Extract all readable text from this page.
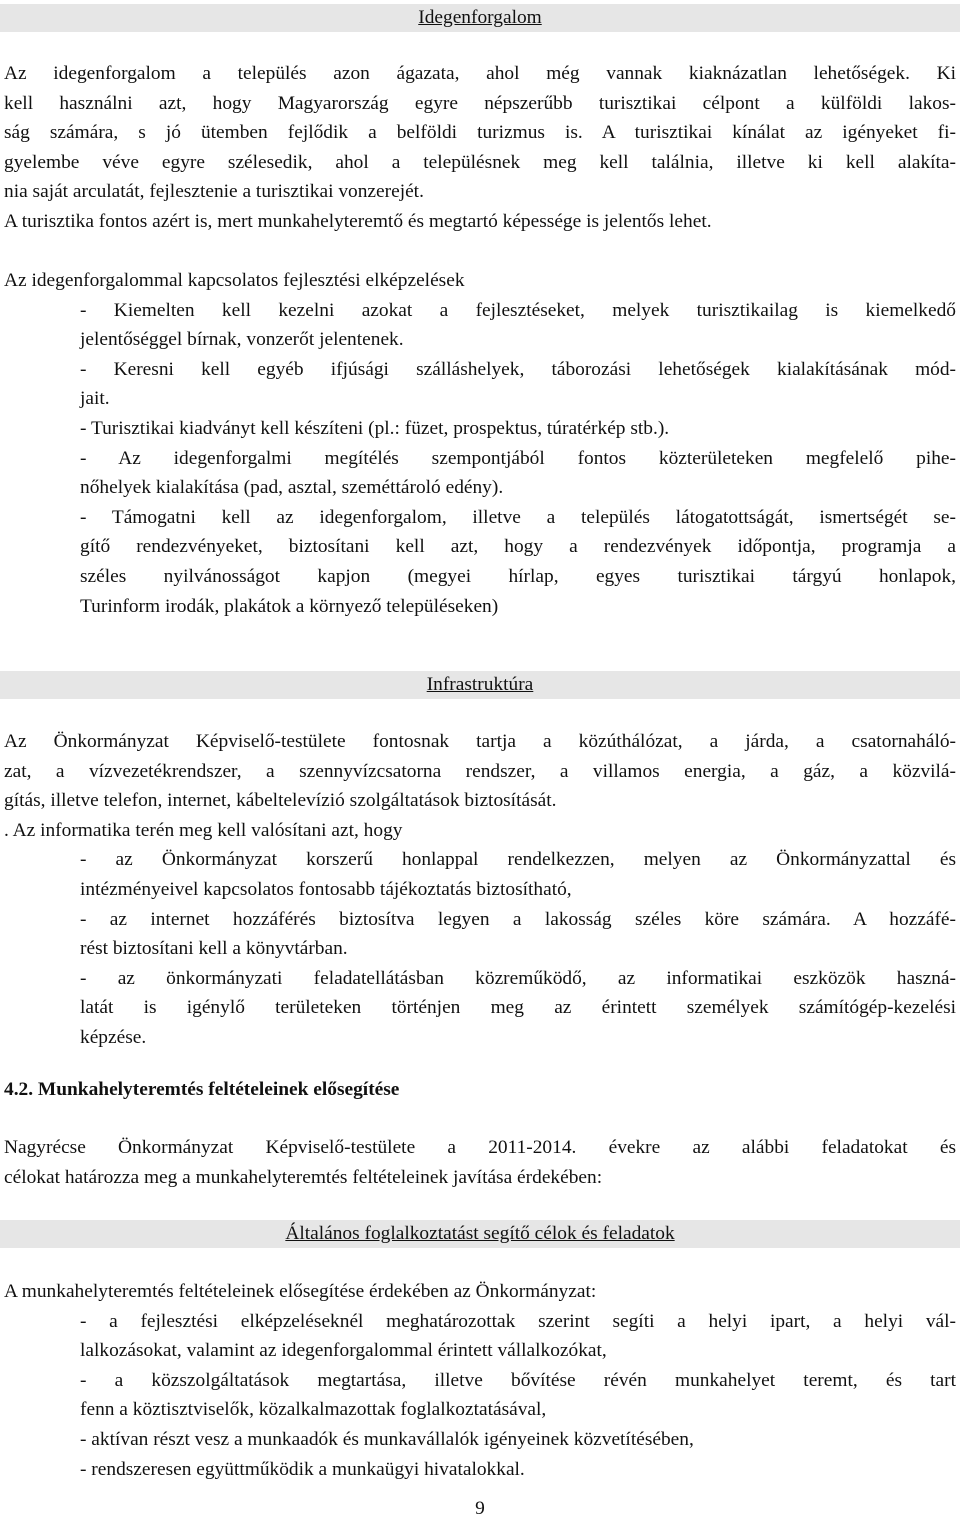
Idegenforgalom

Az idegenforgalom a település azon ágazata, ahol még vannak kiaknázatlan lehetőségek. Ki

kell használni azt, hogy Magyarország egyre népszerűbb turisztikai célpont a külföldi lakos-

ság számára, s jó ütemben fejlődik a belföldi turizmus is. A turisztikai kínálat az igényeket fi-

gyelembe véve egyre szélesedik, ahol a településnek meg kell találnia, illetve ki kell alakíta-

nia saját arculatát, fejlesztenie a turisztikai vonzerejét.

A turisztika fontos azért is, mert munkahelyteremtő és megtartó képessége is jelentős lehet.

Az idegenforgalommal kapcsolatos fejlesztési elképzelések

- Kiemelten kell kezelni azokat a fejlesztéseket, melyek turisztikailag is kiemelkedő

jelentőséggel bírnak, vonzerőt jelentenek.

- Keresni kell egyéb ifjúsági szálláshelyek, táborozási lehetőségek kialakításának mód-

jait.

- Turisztikai kiadványt kell készíteni (pl.: füzet, prospektus, túratérkép stb.).

- Az idegenforgalmi megítélés szempontjából fontos közterületeken megfelelő pihe-

nőhelyek kialakítása (pad, asztal, szeméttároló edény).

- Támogatni kell az idegenforgalom, illetve a település látogatottságát, ismertségét se-

gítő rendezvényeket, biztosítani kell azt, hogy a rendezvények időpontja, programja a

széles nyilvánosságot kapjon (megyei hírlap, egyes turisztikai tárgyú honlapok,

Turinform irodák, plakátok a környező településeken)

Infrastruktúra

Az Önkormányzat Képviselő-testülete fontosnak tartja a közúthálózat, a járda, a csatornaháló-

zat, a vízvezetékrendszer, a szennyvízcsatorna rendszer, a villamos energia, a gáz, a közvilá-

gítás, illetve telefon, internet, kábeltelevízió szolgáltatások biztosítását.

. Az informatika terén meg kell valósítani azt, hogy

- az Önkormányzat korszerű honlappal rendelkezzen, melyen az Önkormányzattal és

intézményeivel kapcsolatos fontosabb tájékoztatás biztosítható,

- az internet hozzáférés biztosítva legyen a lakosság széles köre számára. A hozzáfé-

rést biztosítani kell a könyvtárban.

- az önkormányzati feladatellátásban közreműködő, az informatikai eszközök haszná-

latát is igénylő területeken történjen meg az érintett személyek számítógép-kezelési

képzése.

4.2. Munkahelyteremtés feltételeinek elősegítése

Nagyrécse Önkormányzat Képviselő-testülete a 2011-2014. évekre az alábbi feladatokat és

célokat határozza meg a munkahelyteremtés feltételeinek javítása érdekében:

Általános foglalkoztatást segítő célok és feladatok

A munkahelyteremtés feltételeinek elősegítése érdekében az Önkormányzat:

- a fejlesztési elképzeléseknél meghatározottak szerint segíti a helyi ipart, a helyi vál-

lalkozásokat, valamint az idegenforgalommal érintett vállalkozókat,

- a közszolgáltatások megtartása, illetve bővítése révén munkahelyet teremt, és tart

fenn a köztisztviselők, közalkalmazottak foglalkoztatásával,

- aktívan részt vesz a munkaadók és munkavállalók igényeinek közvetítésében,

- rendszeresen együttműködik a munkaügyi hivatalokkal.

9
